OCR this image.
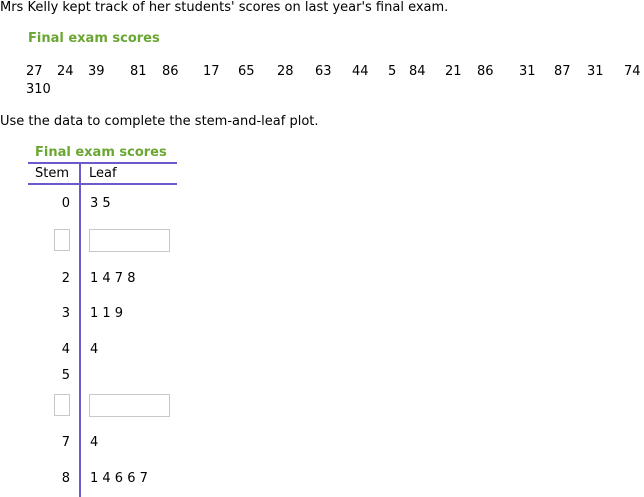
Mrs Kelly kept track of her students' scores on last year's final exam.
Final exam scores
27 24 39 81 86 17 65 28 63 44 5 84 21 86 31 87 31 74
310
Use the data to complete the stem-and-leaf plot.
Final exam scores
Stem Leaf
0 3 5
2 1 4 7 8
3 1 1 9
4 4
5
7 4
8 1 4 6 6 7
